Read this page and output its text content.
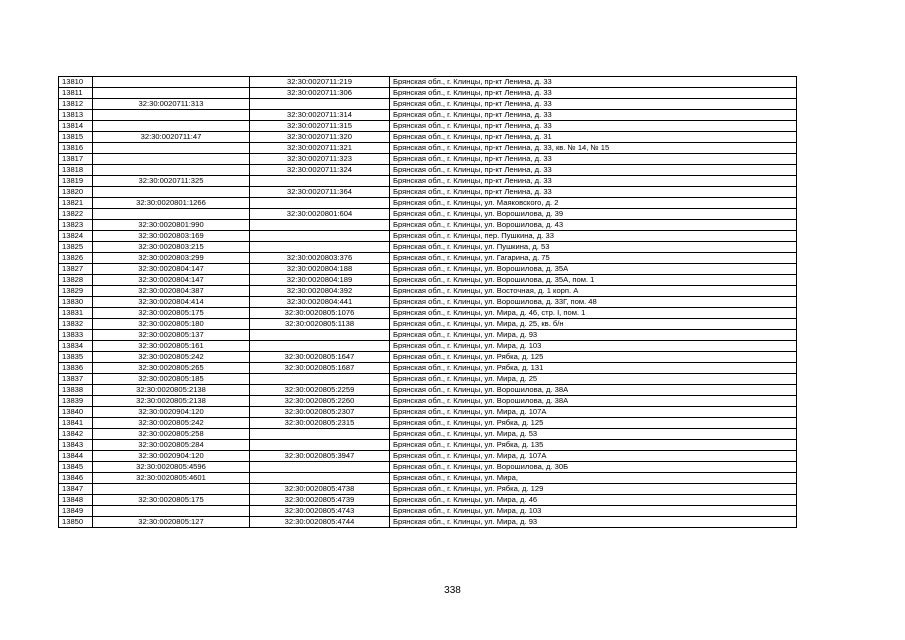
13810		32:30:0020711:219	Брянская обл., г. Клинцы, пр-кт Ленина, д. 33
13811		32:30:0020711:306	Брянская обл., г. Клинцы, пр-кт Ленина, д. 33
13812	32:30:0020711:313		Брянская обл., г. Клинцы, пр-кт Ленина, д. 33
13813		32:30:0020711:314	Брянская обл., г. Клинцы, пр-кт Ленина, д. 33
13814		32:30:0020711:315	Брянская обл., г. Клинцы, пр-кт Ленина, д. 33
13815	32:30:0020711:47	32:30:0020711:320	Брянская обл., г. Клинцы, пр-кт Ленина, д. 31
13816		32:30:0020711:321	Брянская обл., г. Клинцы, пр-кт Ленина, д. 33, кв. № 14, № 15
13817		32:30:0020711:323	Брянская обл., г. Клинцы, пр-кт Ленина, д. 33
13818		32:30:0020711:324	Брянская обл., г. Клинцы, пр-кт Ленина, д. 33
13819	32:30:0020711:325		Брянская обл., г. Клинцы, пр-кт Ленина, д. 33
13820		32:30:0020711:364	Брянская обл., г. Клинцы, пр-кт Ленина, д. 33
13821	32:30:0020801:1266		Брянская обл., г. Клинцы, ул. Маяковского, д. 2
13822		32:30:0020801:604	Брянская обл., г. Клинцы, ул. Ворошилова, д. 39
13823	32:30:0020801:990		Брянская обл., г. Клинцы, ул. Ворошилова, д. 43
13824	32:30:0020803:169		Брянская обл., г. Клинцы, пер. Пушкина, д. 33
13825	32:30:0020803:215		Брянская обл., г. Клинцы, ул. Пушкина, д. 53
13826	32:30:0020803:299	32:30:0020803:376	Брянская обл., г. Клинцы, ул. Гагарина, д. 75
13827	32:30:0020804:147	32:30:0020804:188	Брянская обл., г. Клинцы, ул. Ворошилова, д. 35А
13828	32:30:0020804:147	32:30:0020804:189	Брянская обл., г. Клинцы, ул. Ворошилова, д. 35А, пом. 1
13829	32:30:0020804:387	32:30:0020804:392	Брянская обл., г. Клинцы, ул. Восточная, д. 1 корп. А
13830	32:30:0020804:414	32:30:0020804:441	Брянская обл., г. Клинцы, ул. Ворошилова, д. 33Г, пом. 48
13831	32:30:0020805:175	32:30:0020805:1076	Брянская обл., г. Клинцы, ул. Мира, д. 46, стр. I, пом. 1
13832	32:30:0020805:180	32:30:0020805:1138	Брянская обл., г. Клинцы, ул. Мира, д. 25, кв. б/н
13833	32:30:0020805:137		Брянская обл., г. Клинцы, ул. Мира, д. 93
13834	32:30:0020805:161		Брянская обл., г. Клинцы, ул. Мира, д. 103
13835	32:30:0020805:242	32:30:0020805:1647	Брянская обл., г. Клинцы, ул. Рябка, д. 125
13836	32:30:0020805:265	32:30:0020805:1687	Брянская обл., г. Клинцы, ул. Рябка, д. 131
13837	32:30:0020805:185		Брянская обл., г. Клинцы, ул. Мира, д. 25
13838	32:30:0020805:2138	32:30:0020805:2259	Брянская обл., г. Клинцы, ул. Ворошилова, д. 38А
13839	32:30:0020805:2138	32:30:0020805:2260	Брянская обл., г. Клинцы, ул. Ворошилова, д. 38А
13840	32:30:0020904:120	32:30:0020805:2307	Брянская обл., г. Клинцы, ул. Мира, д. 107А
13841	32:30:0020805:242	32:30:0020805:2315	Брянская обл., г. Клинцы, ул. Рябка, д. 125
13842	32:30:0020805:258		Брянская обл., г. Клинцы, ул. Мира, д. 53
13843	32:30:0020805:284		Брянская обл., г. Клинцы, ул. Рябка, д. 135
13844	32:30:0020904:120	32:30:0020805:3947	Брянская обл., г. Клинцы, ул. Мира, д. 107А
13845	32:30:0020805:4596		Брянская обл., г. Клинцы, ул. Ворошилова, д. 30Б
13846	32:30:0020805:4601		Брянская обл., г. Клинцы, ул. Мира,
13847		32:30:0020805:4738	Брянская обл., г. Клинцы, ул. Рябка, д. 129
13848	32:30:0020805:175	32:30:0020805:4739	Брянская обл., г. Клинцы, ул. Мира, д. 46
13849		32:30:0020805:4743	Брянская обл., г. Клинцы, ул. Мира, д. 103
13850	32:30:0020805:127	32:30:0020805:4744	Брянская обл., г. Клинцы, ул. Мира, д. 93
338
